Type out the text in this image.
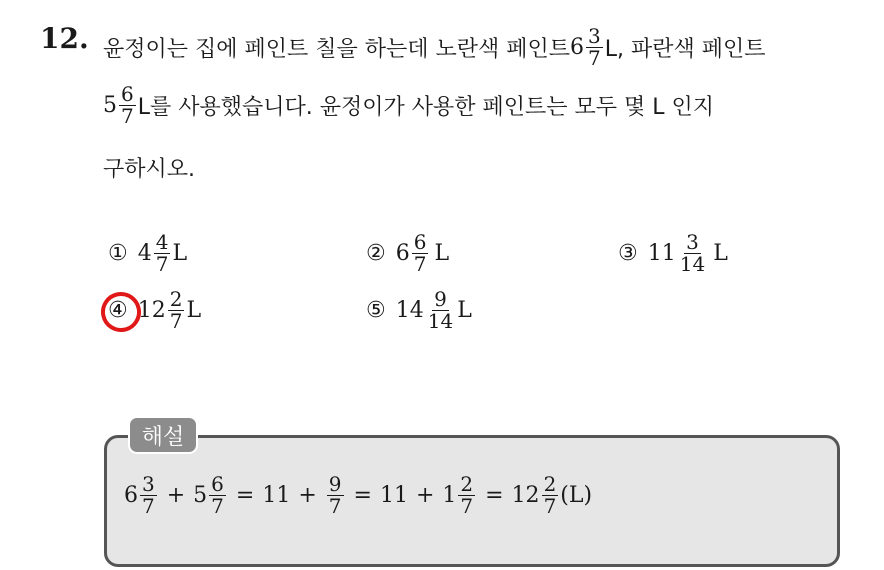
12. 윤정이는 집에 페인트 칠을 하는데 노란색 페인트 $6 \frac{3}{7} L$, 파란색 페인트
$5 \frac{6}{7}$ L를 사용했습니다. 윤정이가 사용한 페인트는 모두 몇 L 인지
구하시오.
① $4 \frac{4}{7}$ L	② $6 \frac{6}{7}$ L	③ $11 \frac{3}{14}$ L
④ $12 \frac{2}{7}$ L	⑤ $14 \frac{9}{14}$ L
해설
$6 \frac{3}{7} + 5 \frac{6}{7} = 11 + \frac{9}{7} = 11 + 1 \frac{2}{7} = 12 \frac{2}{7} (L)$
